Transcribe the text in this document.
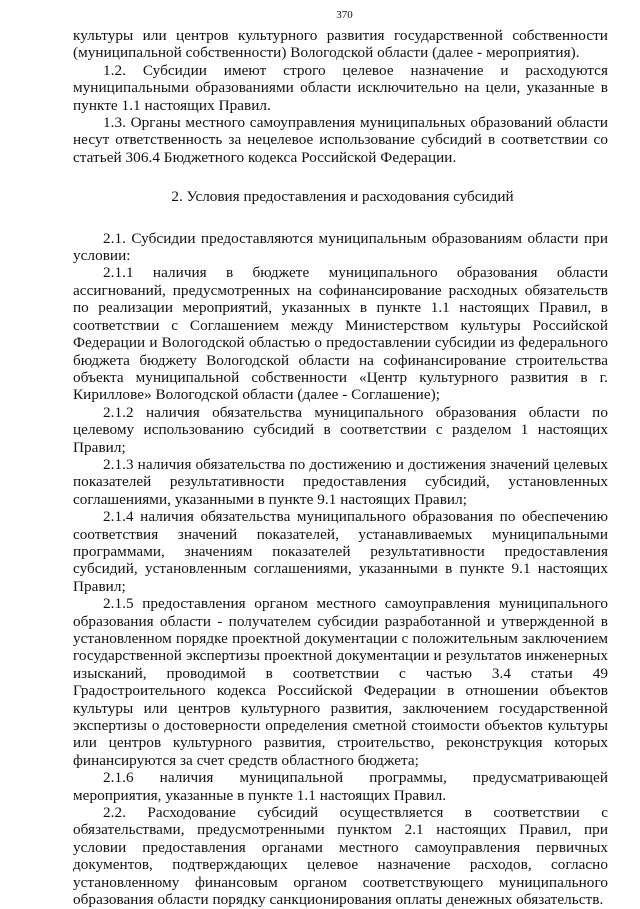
370

культуры или центров культурного развития государственной собственности (муниципальной собственности) Вологодской области (далее - мероприятия).

1.2. Субсидии имеют строго целевое назначение и расходуются муниципальными образованиями области исключительно на цели, указанные в пункте 1.1 настоящих Правил.

1.3. Органы местного самоуправления муниципальных образований области несут ответственность за нецелевое использование субсидий в соответствии со статьей 306.4 Бюджетного кодекса Российской Федерации.

2. Условия предоставления и расходования субсидий

2.1. Субсидии предоставляются муниципальным образованиям области при условии:

2.1.1 наличия в бюджете муниципального образования области ассигнований, предусмотренных на софинансирование расходных обязательств по реализации мероприятий, указанных в пункте 1.1 настоящих Правил, в соответствии с Соглашением между Министерством культуры Российской Федерации и Вологодской областью о предоставлении субсидии из федерального бюджета бюджету Вологодской области на софинансирование строительства объекта муниципальной собственности «Центр культурного развития в г. Кириллове» Вологодской области (далее - Соглашение);

2.1.2 наличия обязательства муниципального образования области по целевому использованию субсидий в соответствии с разделом 1 настоящих Правил;

2.1.3 наличия обязательства по достижению и достижения значений целевых показателей результативности предоставления субсидий, установленных соглашениями, указанными в пункте 9.1 настоящих Правил;

2.1.4 наличия обязательства муниципального образования по обеспечению соответствия значений показателей, устанавливаемых муниципальными программами, значениям показателей результативности предоставления субсидий, установленным соглашениями, указанными в пункте 9.1 настоящих Правил;

2.1.5 предоставления органом местного самоуправления муниципального образования области - получателем субсидии разработанной и утвержденной в установленном порядке проектной документации с положительным заключением государственной экспертизы проектной документации и результатов инженерных изысканий, проводимой в соответствии с частью 3.4 статьи 49 Градостроительного кодекса Российской Федерации в отношении объектов культуры или центров культурного развития, заключением государственной экспертизы о достоверности определения сметной стоимости объектов культуры или центров культурного развития, строительство, реконструкция которых финансируются за счет средств областного бюджета;

2.1.6 наличия муниципальной программы, предусматривающей мероприятия, указанные в пункте 1.1 настоящих Правил.

2.2. Расходование субсидий осуществляется в соответствии с обязательствами, предусмотренными пунктом 2.1 настоящих Правил, при условии предоставления органами местного самоуправления первичных документов, подтверждающих целевое назначение расходов, согласно установленному финансовым органом соответствующего муниципального образования области порядку санкционирования оплаты денежных обязательств.
